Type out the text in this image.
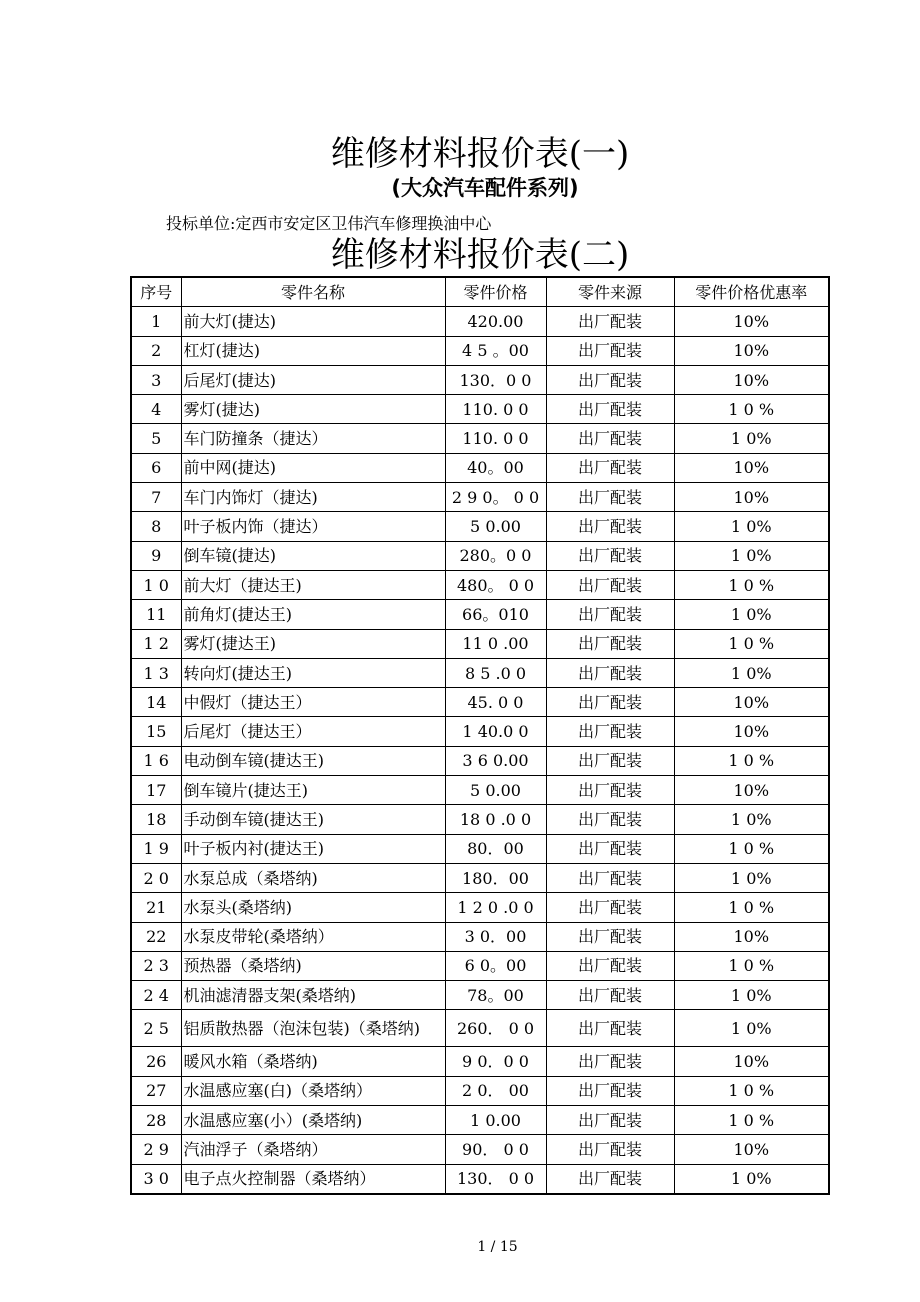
维修材料报价表(一)
(大众汽车配件系列)
投标单位:定西市安定区卫伟汽车修理换油中心
维修材料报价表(二)
序号	零件名称	零件价格	零件来源	零件价格优惠率
1	前大灯(捷达)	420.00	出厂配装	10%
2	杠灯(捷达)	4 5 。00	出厂配装	10%
3	后尾灯(捷达)	130．0 0	出厂配装	10%
4	雾灯(捷达)	110. 0 0	出厂配装	1 0 %
5	车门防撞条（捷达）	110. 0 0	出厂配装	1 0%
6	前中网(捷达)	40。00	出厂配装	10%
7	车门内饰灯（捷达)	2 9 0。 0 0	出厂配装	10%
8	叶子板内饰（捷达）	5 0.00	出厂配装	1 0%
9	倒车镜(捷达)	280。0 0	出厂配装	1 0%
1 0	前大灯（捷达王)	480。 0 0	出厂配装	1 0 %
11	前角灯(捷达王)	66。010	出厂配装	1 0%
1 2	雾灯(捷达王)	11 0 .00	出厂配装	1 0 %
1 3	转向灯(捷达王)	8 5 .0 0	出厂配装	1 0%
14	中假灯（捷达王）	45. 0 0	出厂配装	10%
15	后尾灯（捷达王）	1 40.0 0	出厂配装	10%
1 6	电动倒车镜(捷达王)	3 6 0.00	出厂配装	1 0 %
17	倒车镜片(捷达王)	5 0.00	出厂配装	10%
18	手动倒车镜(捷达王)	18 0 .0 0	出厂配装	1 0%
1 9	叶子板内衬(捷达王)	80．00	出厂配装	1 0 %
2 0	水泵总成（桑塔纳)	180．00	出厂配装	1 0%
21	水泵头(桑塔纳)	1 2 0 .0 0	出厂配装	1 0 %
22	水泵皮带轮(桑塔纳）	3 0．00	出厂配装	10%
2 3	预热器（桑塔纳)	6 0。00	出厂配装	1 0 %
2 4	机油滤清器支架(桑塔纳)	78。00	出厂配装	1 0%
2 5	铝质散热器（泡沫包装)（桑塔纳)	260． 0 0	出厂配装	1 0%
26	暖风水箱（桑塔纳)	9 0．0 0	出厂配装	10%
27	水温感应塞(白)（桑塔纳）	2 0． 00	出厂配装	1 0 %
28	水温感应塞(小）(桑塔纳)	1 0.00	出厂配装	1 0 %
2 9	汽油浮子（桑塔纳）	90． 0 0	出厂配装	10%
3 0	电子点火控制器（桑塔纳）	130． 0 0	出厂配装	1 0%
1 / 15
